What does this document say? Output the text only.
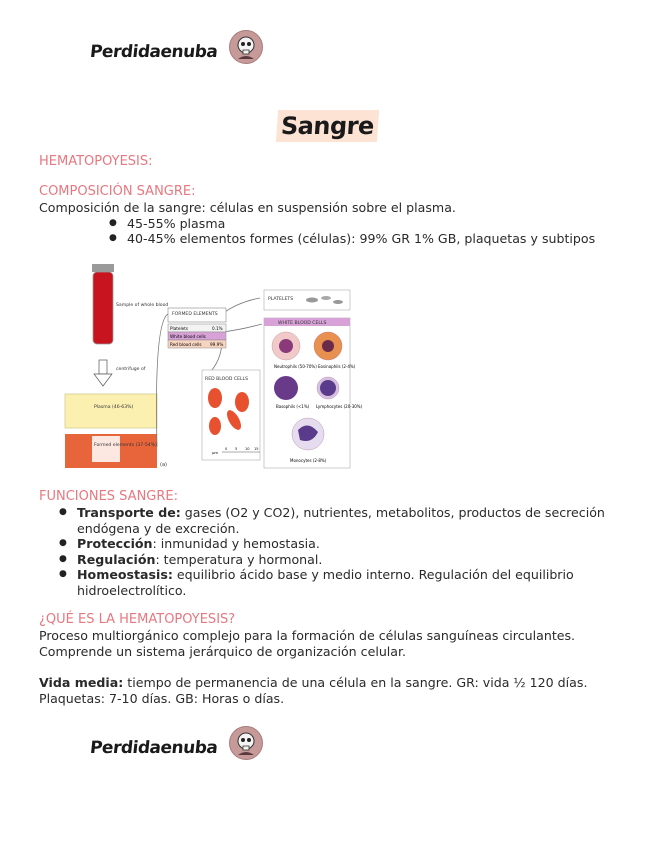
Perdidaenuba
Sangre
HEMATOPOYESIS:
COMPOSICIÓN SANGRE:
Composición de la sangre: células en suspensión sobre el plasma.
● 45-55% plasma
● 40-45% elementos formes (células): 99% GR 1% GB, plaquetas y subtipos
Sample of whole blood
centrifuge of
Plasma (46-63%)
Formed elements (37-54%)
(a)
FORMED ELEMENTS
Platelets	0.1%
White blood cells
Red blood cells 99.9%
PLATELETS
WHITE BLOOD CELLS
Neutrophils (50-70%) Eosinophils (2-4%)
Basophils (<1%) Lymphocytes (20-30%)
Monocytes (2-8%)
RED BLOOD CELLS
μm
0 5 10 15
FUNCIONES SANGRE:
● Transporte de: gases (O2 y CO2), nutrientes, metabolitos, productos de secreción endógena y de excreción.
● Protección: inmunidad y hemostasia.
● Regulación: temperatura y hormonal.
● Homeostasis: equilibrio ácido base y medio interno. Regulación del equilibrio hidroelectrolítico.
¿QUÉ ES LA HEMATOPOYESIS?
Proceso multiorgánico complejo para la formación de células sanguíneas circulantes. Comprende un sistema jerárquico de organización celular.
Vida media: tiempo de permanencia de una célula en la sangre. GR: vida ½ 120 días. Plaquetas: 7-10 días. GB: Horas o días.
Perdidaenuba
